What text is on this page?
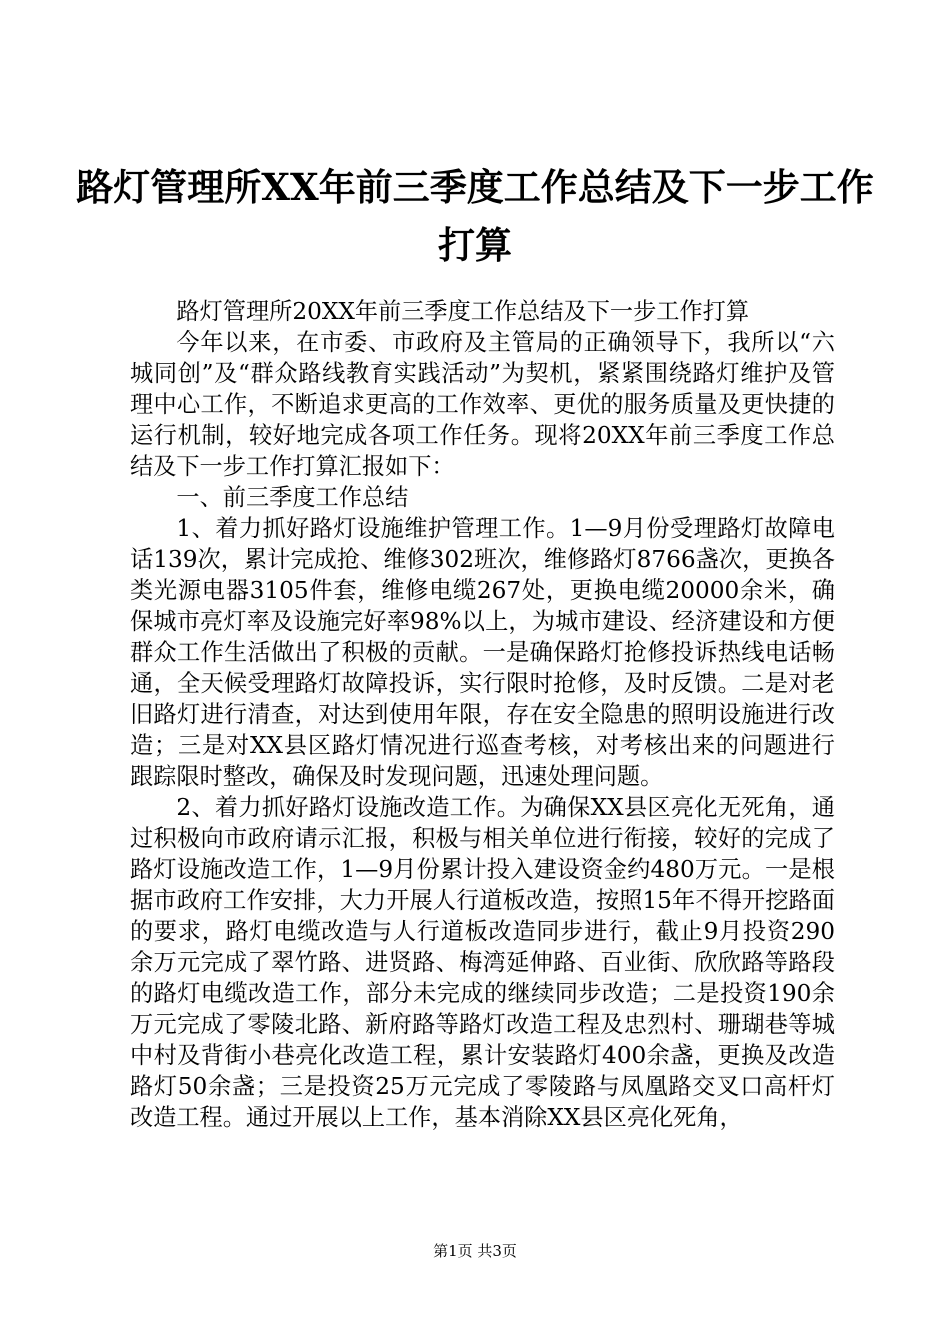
路灯管理所XX年前三季度工作总结及下一步工作打算

路灯管理所20XX年前三季度工作总结及下一步工作打算

今年以来，在市委、市政府及主管局的正确领导下，我所以“六城同创”及“群众路线教育实践活动”为契机，紧紧围绕路灯维护及管理中心工作，不断追求更高的工作效率、更优的服务质量及更快捷的运行机制，较好地完成各项工作任务。现将20XX年前三季度工作总结及下一步工作打算汇报如下：

一、前三季度工作总结

1、着力抓好路灯设施维护管理工作。1—9月份受理路灯故障电话139次，累计完成抢、维修302班次，维修路灯8766盏次，更换各类光源电器3105件套，维修电缆267处，更换电缆20000余米，确保城市亮灯率及设施完好率98%以上，为城市建设、经济建设和方便群众工作生活做出了积极的贡献。一是确保路灯抢修投诉热线电话畅通，全天候受理路灯故障投诉，实行限时抢修，及时反馈。二是对老旧路灯进行清查，对达到使用年限，存在安全隐患的照明设施进行改造；三是对XX县区路灯情况进行巡查考核，对考核出来的问题进行跟踪限时整改，确保及时发现问题，迅速处理问题。

2、着力抓好路灯设施改造工作。为确保XX县区亮化无死角，通过积极向市政府请示汇报，积极与相关单位进行衔接，较好的完成了路灯设施改造工作，1—9月份累计投入建设资金约480万元。一是根据市政府工作安排，大力开展人行道板改造，按照15年不得开挖路面的要求，路灯电缆改造与人行道板改造同步进行，截止9月投资290余万元完成了翠竹路、进贤路、梅湾延伸路、百业街、欣欣路等路段的路灯电缆改造工作，部分未完成的继续同步改造；二是投资190余万元完成了零陵北路、新府路等路灯改造工程及忠烈村、珊瑚巷等城中村及背街小巷亮化改造工程，累计安装路灯400余盏，更换及改造路灯50余盏；三是投资25万元完成了零陵路与凤凰路交叉口高杆灯改造工程。通过开展以上工作，基本消除XX县区亮化死角，

第1页 共3页
